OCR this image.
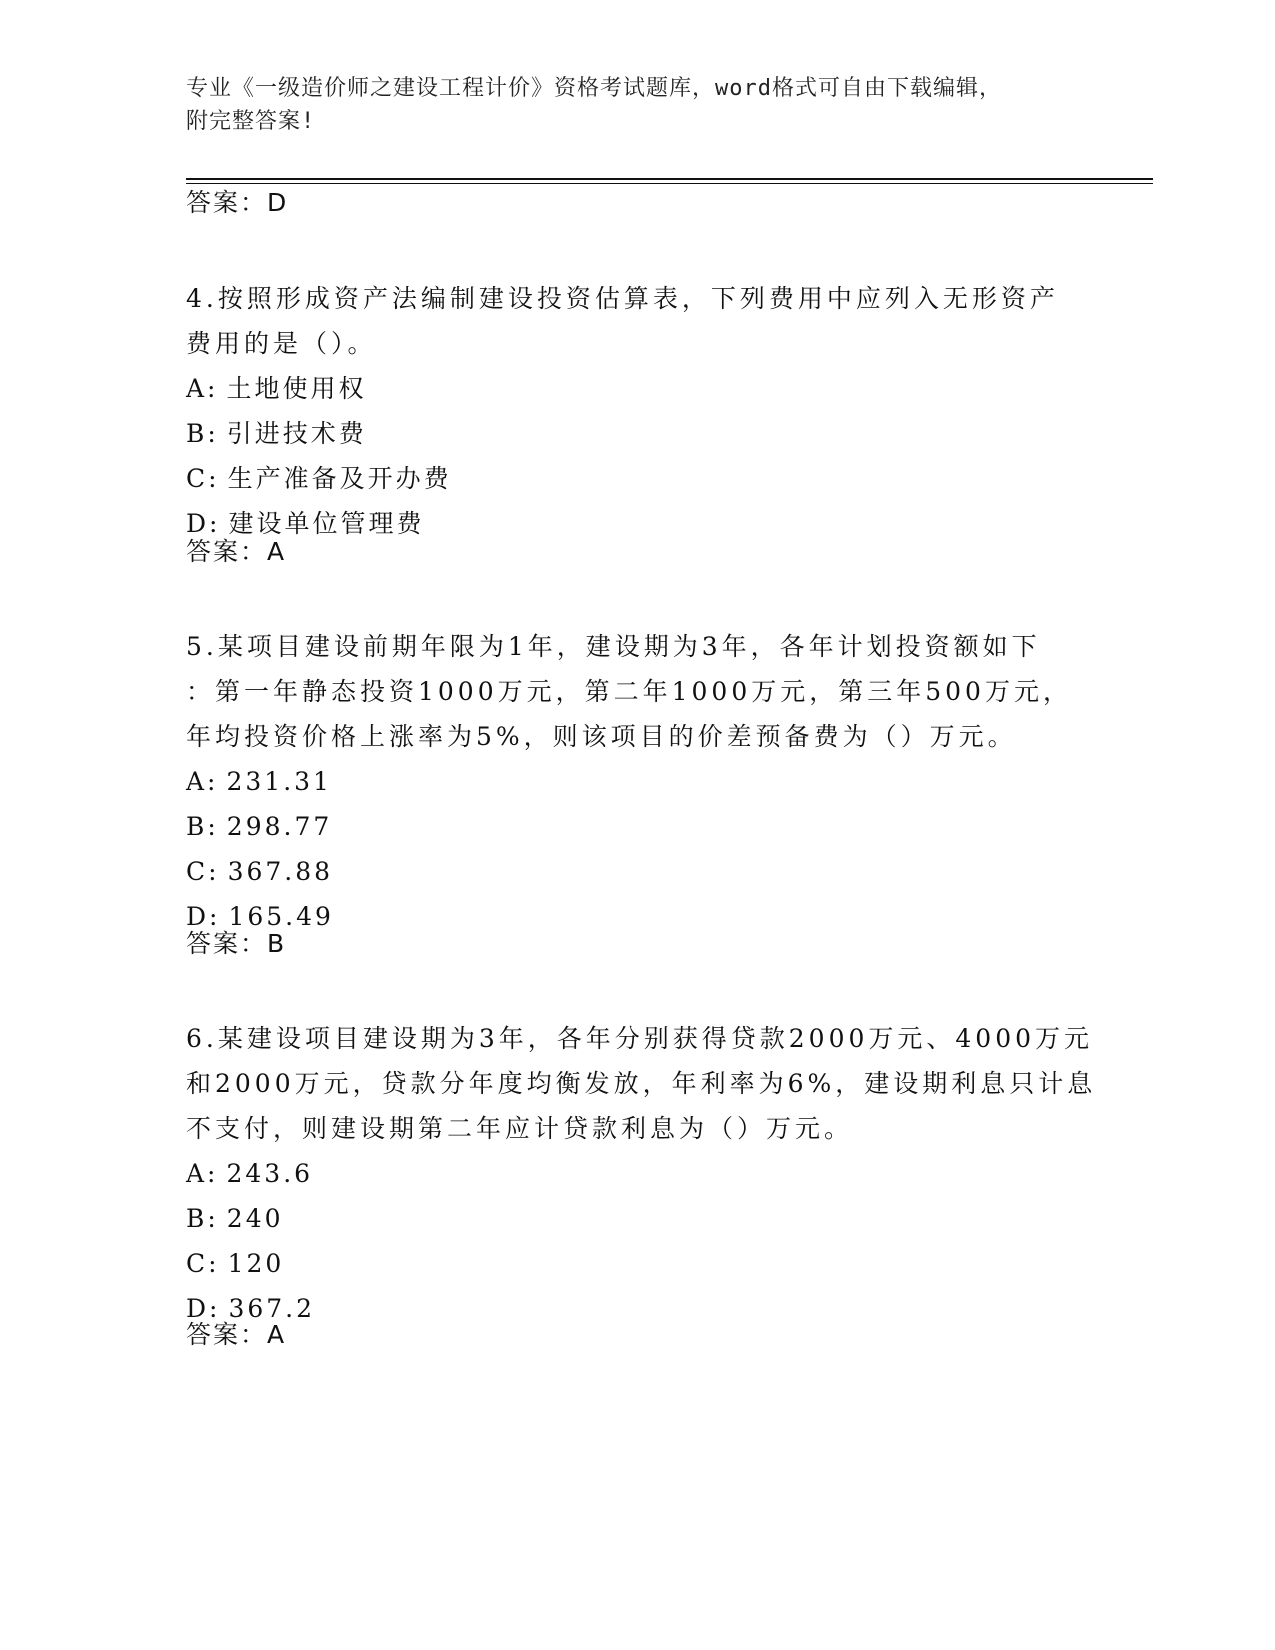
专业《一级造价师之建设工程计价》资格考试题库，word格式可自由下载编辑，
附完整答案!
答案：D
4.按照形成资产法编制建设投资估算表，下列费用中应列入无形资产
费用的是（）。
A: 土地使用权
B: 引进技术费
C: 生产准备及开办费
D: 建设单位管理费
答案：A
5.某项目建设前期年限为1年，建设期为3年，各年计划投资额如下
：第一年静态投资1000万元，第二年1000万元，第三年500万元，
年均投资价格上涨率为5%，则该项目的价差预备费为（）万元。
A: 231.31
B: 298.77
C: 367.88
D: 165.49
答案：B
6.某建设项目建设期为3年，各年分别获得贷款2000万元、4000万元
和2000万元，贷款分年度均衡发放，年利率为6%，建设期利息只计息
不支付，则建设期第二年应计贷款利息为（）万元。
A: 243.6
B: 240
C: 120
D: 367.2
答案：A
